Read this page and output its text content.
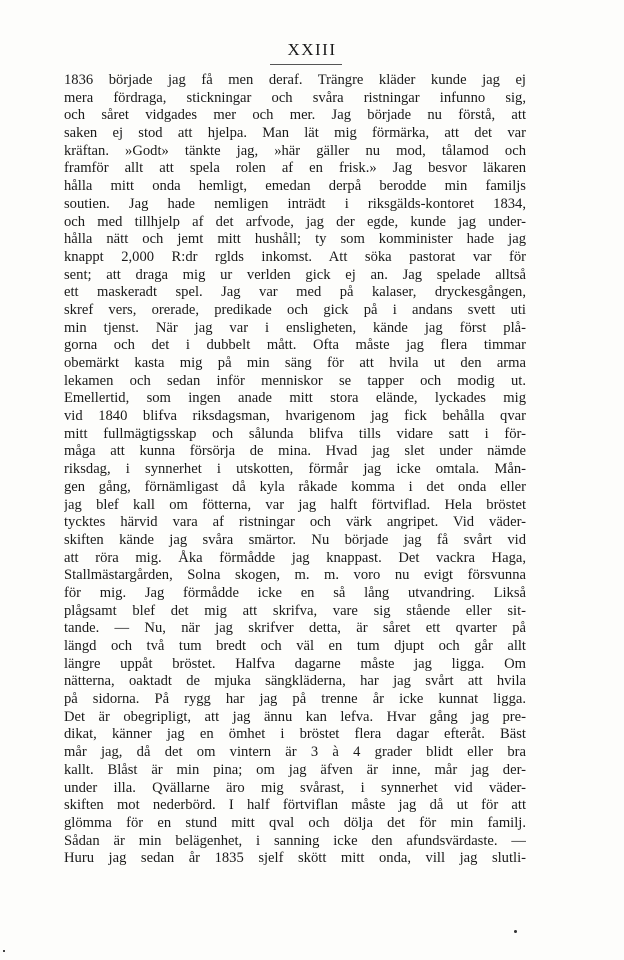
XXIII
1836 började jag få men deraf. Trängre kläder kunde jag ej
mera fördraga, stickningar och svåra ristningar infunno sig,
och såret vidgades mer och mer. Jag började nu förstå, att
saken ej stod att hjelpa. Man lät mig förmärka, att det var
kräftan. »Godt» tänkte jag, »här gäller nu mod, tålamod och
framför allt att spela rolen af en frisk.» Jag besvor läkaren
hålla mitt onda hemligt, emedan derpå berodde min familjs
soutien. Jag hade nemligen inträdt i riksgälds-kontoret 1834,
och med tillhjelp af det arfvode, jag der egde, kunde jag under-
hålla nätt och jemt mitt hushåll; ty som komminister hade jag
knappt 2,000 R:dr rglds inkomst. Att söka pastorat var för
sent; att draga mig ur verlden gick ej an. Jag spelade alltså
ett maskeradt spel. Jag var med på kalaser, dryckesgången,
skref vers, orerade, predikade och gick på i andans svett uti
min tjenst. När jag var i ensligheten, kände jag först plå-
gorna och det i dubbelt mått. Ofta måste jag flera timmar
obemärkt kasta mig på min säng för att hvila ut den arma
lekamen och sedan inför menniskor se tapper och modig ut.
Emellertid, som ingen anade mitt stora elände, lyckades mig
vid 1840 blifva riksdagsman, hvarigenom jag fick behålla qvar
mitt fullmägtigsskap och sålunda blifva tills vidare satt i för-
måga att kunna försörja de mina. Hvad jag slet under nämde
riksdag, i synnerhet i utskotten, förmår jag icke omtala. Mån-
gen gång, förnämligast då kyla råkade komma i det onda eller
jag blef kall om fötterna, var jag halft förtviflad. Hela bröstet
tycktes härvid vara af ristningar och värk angripet. Vid väder-
skiften kände jag svåra smärtor. Nu började jag få svårt vid
att röra mig. Åka förmådde jag knappast. Det vackra Haga,
Stallmästargården, Solna skogen, m. m. voro nu evigt försvunna
för mig. Jag förmådde icke en så lång utvandring. Likså
plågsamt blef det mig att skrifva, vare sig stående eller sit-
tande. — Nu, när jag skrifver detta, är såret ett qvarter på
längd och två tum bredt och väl en tum djupt och går allt
längre uppåt bröstet. Halfva dagarne måste jag ligga. Om
nätterna, oaktadt de mjuka sängkläderna, har jag svårt att hvila
på sidorna. På rygg har jag på trenne år icke kunnat ligga.
Det är obegripligt, att jag ännu kan lefva. Hvar gång jag pre-
dikat, känner jag en ömhet i bröstet flera dagar efteråt. Bäst
mår jag, då det om vintern är 3 à 4 grader blidt eller bra
kallt. Blåst är min pina; om jag äfven är inne, mår jag der-
under illa. Qvällarne äro mig svårast, i synnerhet vid väder-
skiften mot nederbörd. I half förtviflan måste jag då ut för att
glömma för en stund mitt qval och dölja det för min familj.
Sådan är min belägenhet, i sanning icke den afundsvärdaste. —
Huru jag sedan år 1835 sjelf skött mitt onda, vill jag slutli-
